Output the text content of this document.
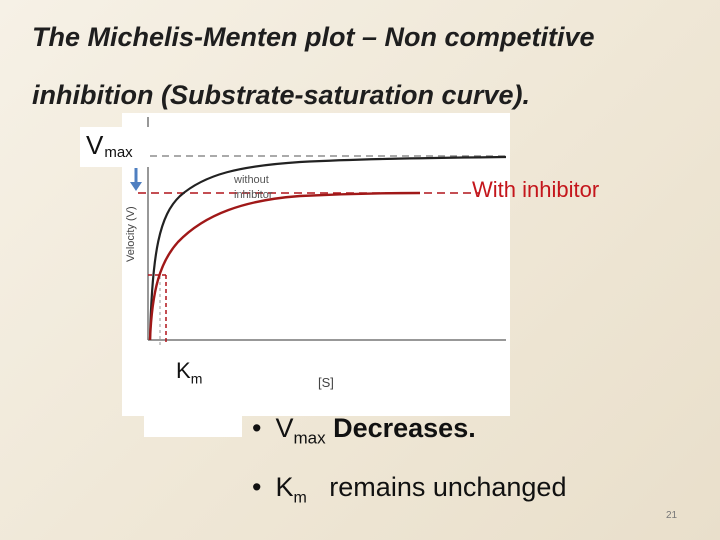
The Michelis-Menten plot – Non competitive
inhibition (Substrate-saturation curve).
Velocity (V)
[S]
without
inhibitor
$V_{max}$
With inhibitor
$K_m$
• $V_{max}$ Decreases.
• $K_m$   remains unchanged
21
